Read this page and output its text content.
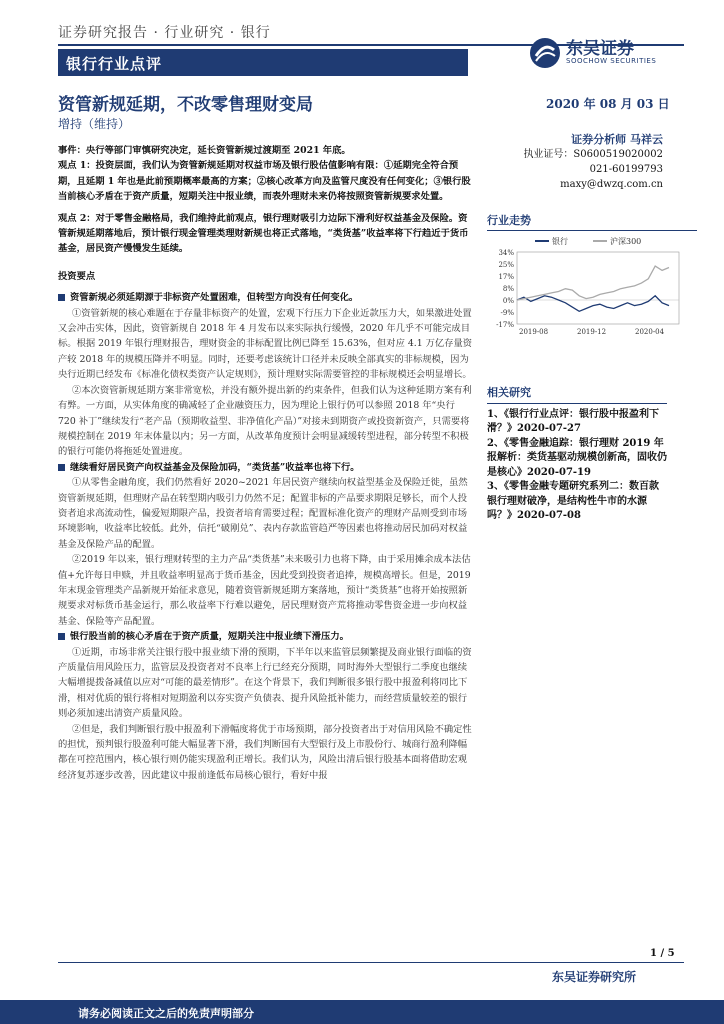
证券研究报告 · 行业研究 · 银行
银行行业点评
东吴证券
SOOCHOW SECURITIES
资管新规延期，不改零售理财变局	2020 年 08 月 03 日
增持（维持）

事件：央行等部门审慎研究决定，延长资管新规过渡期至 2021 年底。

观点 1：投资层面，我们认为资管新规延期对权益市场及银行股估值影响有限：①延期完全符合预期，且延期 1 年也是此前预期概率最高的方案；②核心改革方向及监管尺度没有任何变化；③银行股当前核心矛盾在于资产质量，短期关注中报业绩，而表外理财未来仍将按照资管新规要求处置。

观点 2：对于零售金融格局，我们维持此前观点，银行理财吸引力边际下滑利好权益基金及保险。资管新规延期落地后，预计银行现金管理类理财新规也将正式落地，“类货基”收益率将下行趋近于货币基金，居民资产慢慢发生延续。

投资要点

资管新规必须延期源于非标资产处置困难，但转型方向没有任何变化。

①资管新规的核心难题在于存量非标资产的处置，宏观下行压力下企业近款压力大，如果激进处置又会冲击实体，因此，资管新规自 2018 年 4 月发布以来实际执行缓慢，2020 年几乎不可能完成目标。根据 2019 年银行理财报告，理财资金的非标配置比例已降至 15.63%，但对应 4.1 万亿存量资产较 2018 年的规模压降并不明显。同时，还要考虑该统计口径并未反映全部真实的非标规模，因为央行近期已经发布《标准化债权类资产认定规则》，预计理财实际需要管控的非标规模还会明显增长。

②本次资管新规延期方案非常宽松，并没有额外提出新的约束条件，但我们认为这种延期方案有利有弊。一方面，从实体角度的确减轻了企业融资压力，因为理论上银行仍可以参照 2018 年“央行 720 补丁”继续发行“老产品（预期收益型、非净值化产品）”对接未到期资产或投资新资产，只需要将规模控制在 2019 年末体量以内；另一方面，从改革角度预计会明显减缓转型进程，部分转型不积极的银行可能仍将拖延处置进度。

继续看好居民资产向权益基金及保险加码，“类货基”收益率也将下行。

①从零售金融角度，我们仍然看好 2020~2021 年居民资产继续向权益型基金及保险迁徙，虽然资管新规延期，但理财产品在转型期内吸引力仍然不足；配置非标的产品要求期限足够长，而个人投资者追求高流动性，偏爱短期限产品，投资者培育需要过程；配置标准化资产的理财产品则受到市场环境影响，收益率比较低。此外，信托“破刚兑”、表内存款监管趋严等因素也将推动居民加码对权益基金及保险产品的配置。

②2019 年以来，银行理财转型的主力产品“类货基”未来吸引力也将下降，由于采用摊余成本法估值+允许每日申赎，并且收益率明显高于货币基金，因此受到投资者追捧，规模高增长。但是，2019 年末现金管理类产品新规开始征求意见，随着资管新规延期方案落地，预计“类货基”也将开始按照新规要求对标货币基金运行，那么收益率下行难以避免，居民理财资产荒将推动零售资金进一步向权益基金、保险等产品配置。

银行股当前的核心矛盾在于资产质量，短期关注中报业绩下滑压力。

①近期，市场非常关注银行股中报业绩下滑的预期，下半年以来监管层频繁提及商业银行面临的资产质量信用风险压力，监管层及投资者对不良率上行已经充分预期，同时海外大型银行二季度也继续大幅增提拨备减值以应对“可能的最差情形”。在这个背景下，我们判断很多银行股中报盈利将同比下滑，相对优质的银行将相对短期盈利以夯实资产负债表、提升风险抵补能力，而经营质量较差的银行则必须加速出清资产质量风险。

②但是，我们判断银行股中报盈利下滑幅度将优于市场预期，部分投资者出于对信用风险不确定性的担忧，预判银行股盈利可能大幅显著下滑，我们判断国有大型银行及上市股份行、城商行盈利降幅都在可控范围内，核心银行则仍能实现盈利正增长。我们认为，风险出清后银行股基本面将借助宏观经济复苏逐步改善，因此建议中报前逢低布局核心银行，看好中报

证券分析师 马祥云
执业证号：S0600519020002
021-60199793
maxy@dwzq.com.cn
行业走势
银行	沪深300
34%
25%
17%
8%
0%
-9%
-17%
2019-08	2019-12	2020-04
相关研究
1、《银行行业点评：银行股中报盈利下滑？》2020-07-27
2、《零售金融追踪：银行理财 2019 年报解析：类货基驱动规模创新高，固收仍是核心》2020-07-19
3、《零售金融专题研究系列二：数百款银行理财破净，是结构性牛市的水源吗？》2020-07-08
1 / 5
东吴证券研究所
请务必阅读正文之后的免责声明部分
